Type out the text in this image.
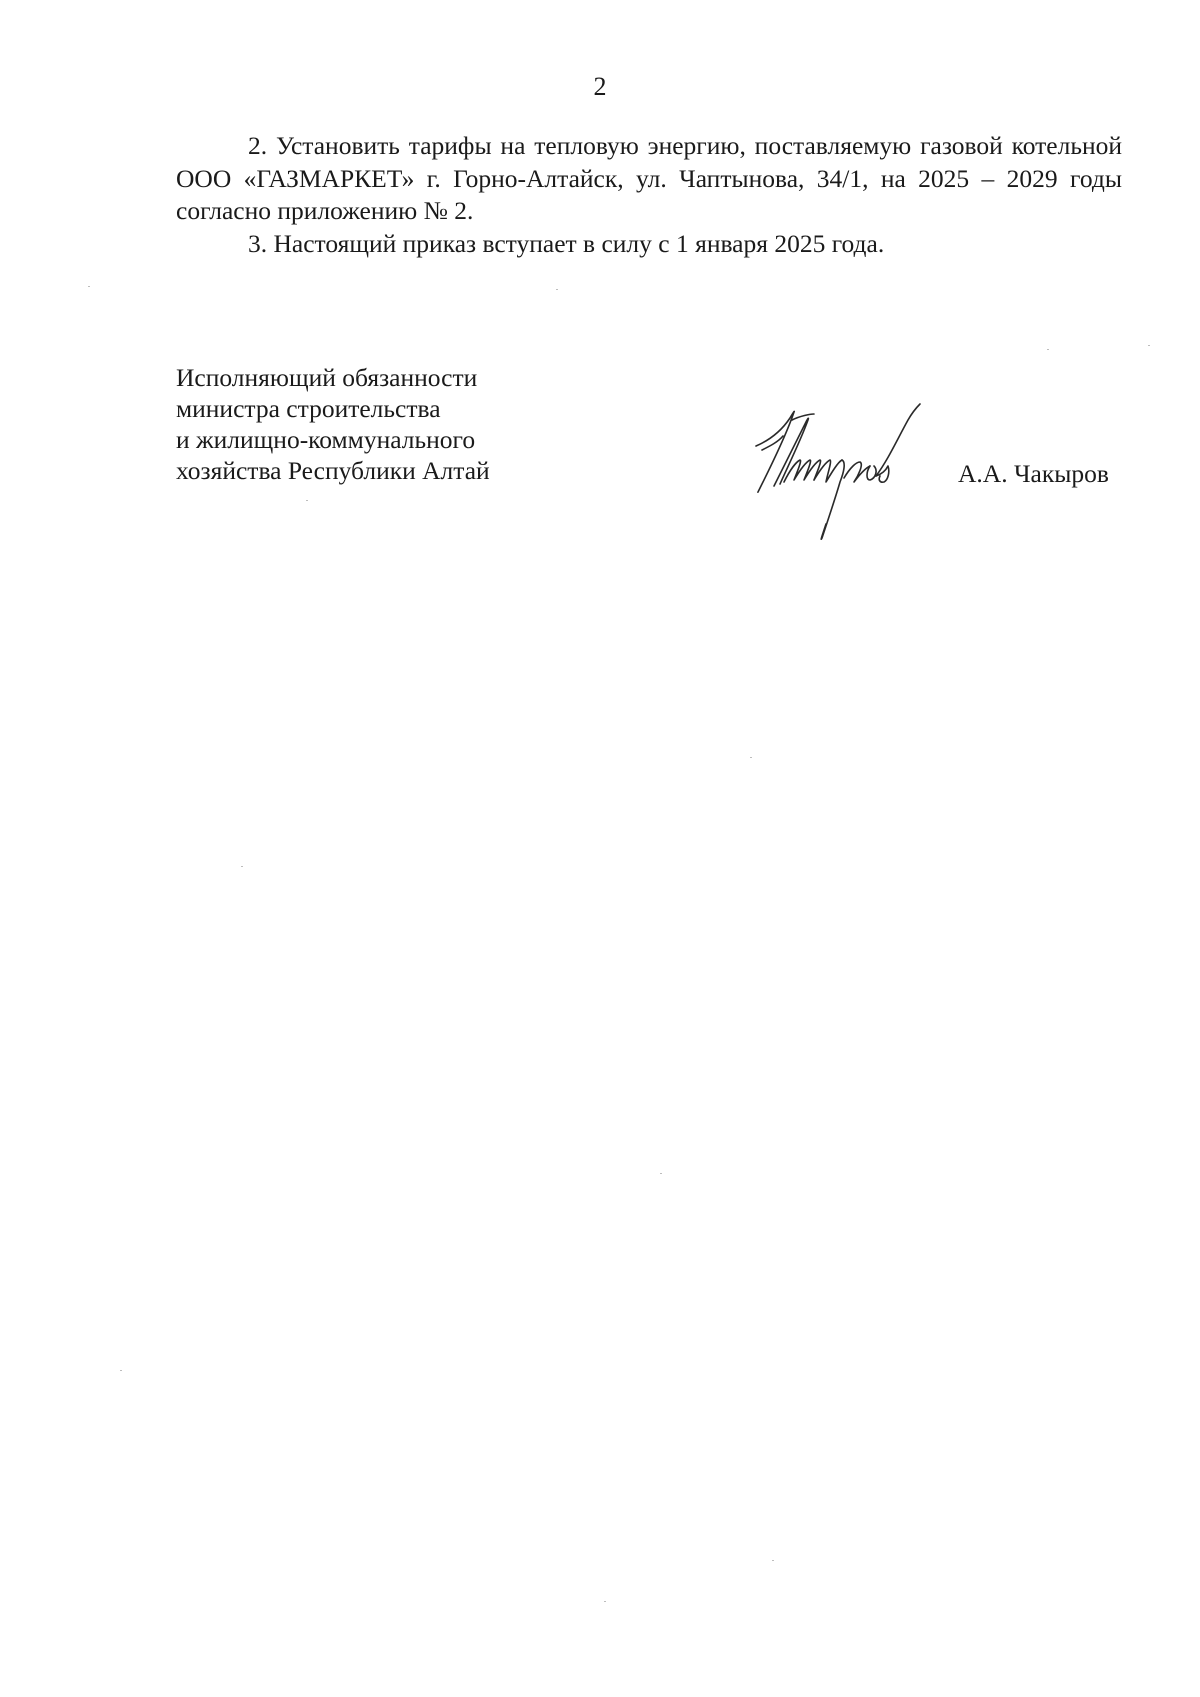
2

2. Установить тарифы на тепловую энергию, поставляемую газовой котельной ООО «ГАЗМАРКЕТ» г. Горно-Алтайск, ул. Чаптынова, 34/1, на 2025 – 2029 годы согласно приложению № 2.

3. Настоящий приказ вступает в силу с 1 января 2025 года.

Исполняющий обязанности
министра строительства
и жилищно-коммунального
хозяйства Республики Алтай	А.А. Чакыров
